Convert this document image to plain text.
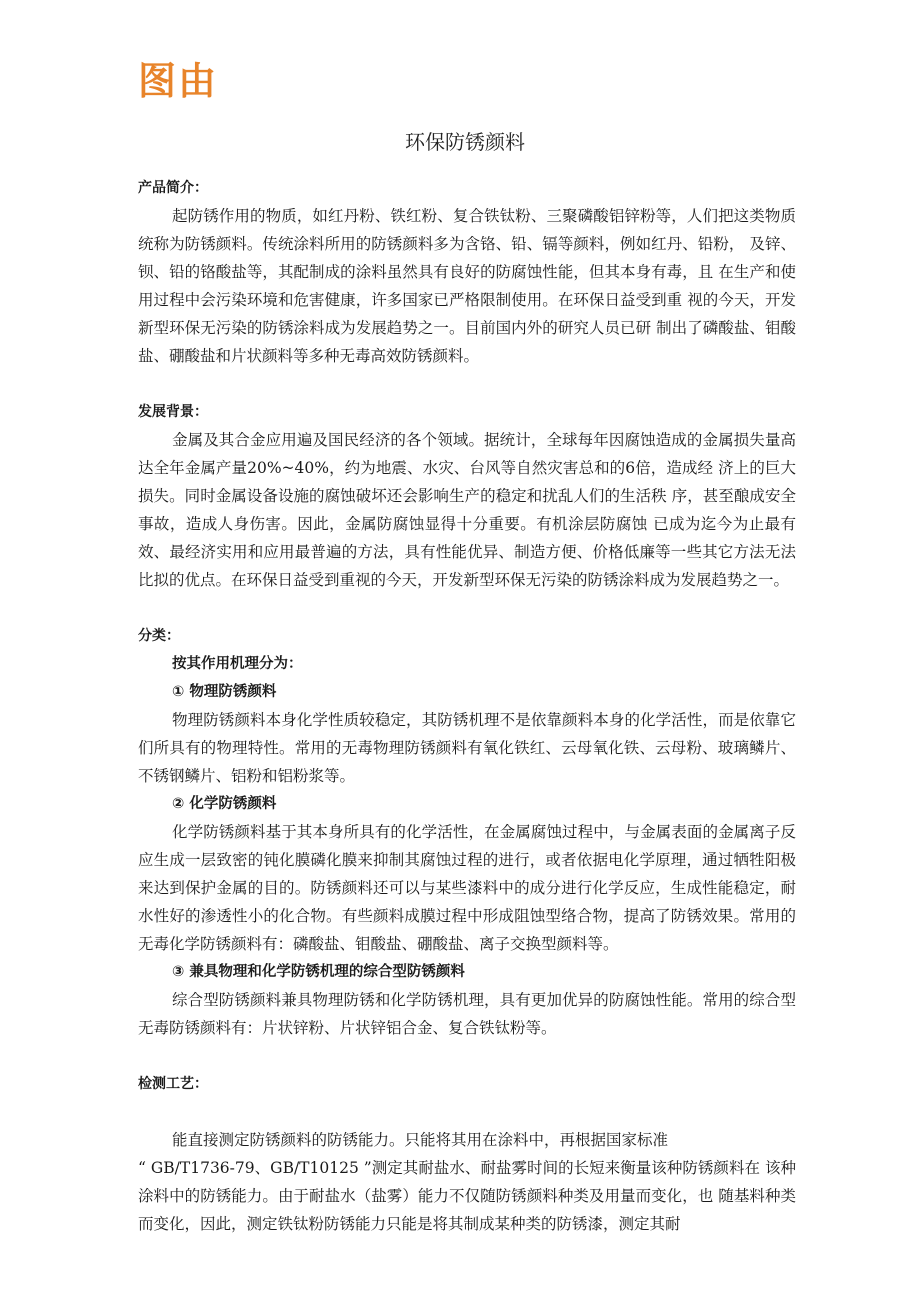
图由
环保防锈颜料
产品简介：

起防锈作用的物质，如红丹粉、铁红粉、复合铁钛粉、三聚磷酸铝锌粉等，人们把这类物质统称为防锈颜料。传统涂料所用的防锈颜料多为含铬、铅、镉等颜料，例如红丹、铅粉， 及锌、钡、铅的铬酸盐等，其配制成的涂料虽然具有良好的防腐蚀性能，但其本身有毒，且 在生产和使用过程中会污染环境和危害健康，许多国家已严格限制使用。在环保日益受到重 视的今天，开发新型环保无污染的防锈涂料成为发展趋势之一。目前国内外的研究人员已研 制出了磷酸盐、钼酸盐、硼酸盐和片状颜料等多种无毒高效防锈颜料。

发展背景：

金属及其合金应用遍及国民经济的各个领域。据统计，全球每年因腐蚀造成的金属损失量高达全年金属产量20%~40%，约为地震、水灾、台风等自然灾害总和的6倍，造成经 济上的巨大损失。同时金属设备设施的腐蚀破坏还会影响生产的稳定和扰乱人们的生活秩 序，甚至酿成安全事故，造成人身伤害。因此，金属防腐蚀显得十分重要。有机涂层防腐蚀 已成为迄今为止最有效、最经济实用和应用最普遍的方法，具有性能优异、制造方便、价格低廉等一些其它方法无法比拟的优点。在环保日益受到重视的今天，开发新型环保无污染的防锈涂料成为发展趋势之一。

分类：
按其作用机理分为：
① 物理防锈颜料

物理防锈颜料本身化学性质较稳定，其防锈机理不是依靠颜料本身的化学活性，而是依靠它们所具有的物理特性。常用的无毒物理防锈颜料有氧化铁红、云母氧化铁、云母粉、玻璃鳞片、不锈钢鳞片、铝粉和铝粉浆等。

② 化学防锈颜料

化学防锈颜料基于其本身所具有的化学活性，在金属腐蚀过程中，与金属表面的金属离子反应生成一层致密的钝化膜磷化膜来抑制其腐蚀过程的进行，或者依据电化学原理，通过牺牲阳极来达到保护金属的目的。防锈颜料还可以与某些漆料中的成分进行化学反应，生成性能稳定，耐水性好的渗透性小的化合物。有些颜料成膜过程中形成阻蚀型络合物，提高了防锈效果。常用的无毒化学防锈颜料有：磷酸盐、钼酸盐、硼酸盐、离子交换型颜料等。

③ 兼具物理和化学防锈机理的综合型防锈颜料

综合型防锈颜料兼具物理防锈和化学防锈机理，具有更加优异的防腐蚀性能。常用的综合型无毒防锈颜料有：片状锌粉、片状锌铝合金、复合铁钛粉等。

检测工艺：

能直接测定防锈颜料的防锈能力。只能将其用在涂料中，再根据国家标准

“ GB/T1736-79、GB/T10125 ”测定其耐盐水、耐盐雾时间的长短来衡量该种防锈颜料在 该种涂料中的防锈能力。由于耐盐水（盐雾）能力不仅随防锈颜料种类及用量而变化，也 随基料种类而变化，因此，测定铁钛粉防锈能力只能是将其制成某种类的防锈漆，测定其耐
